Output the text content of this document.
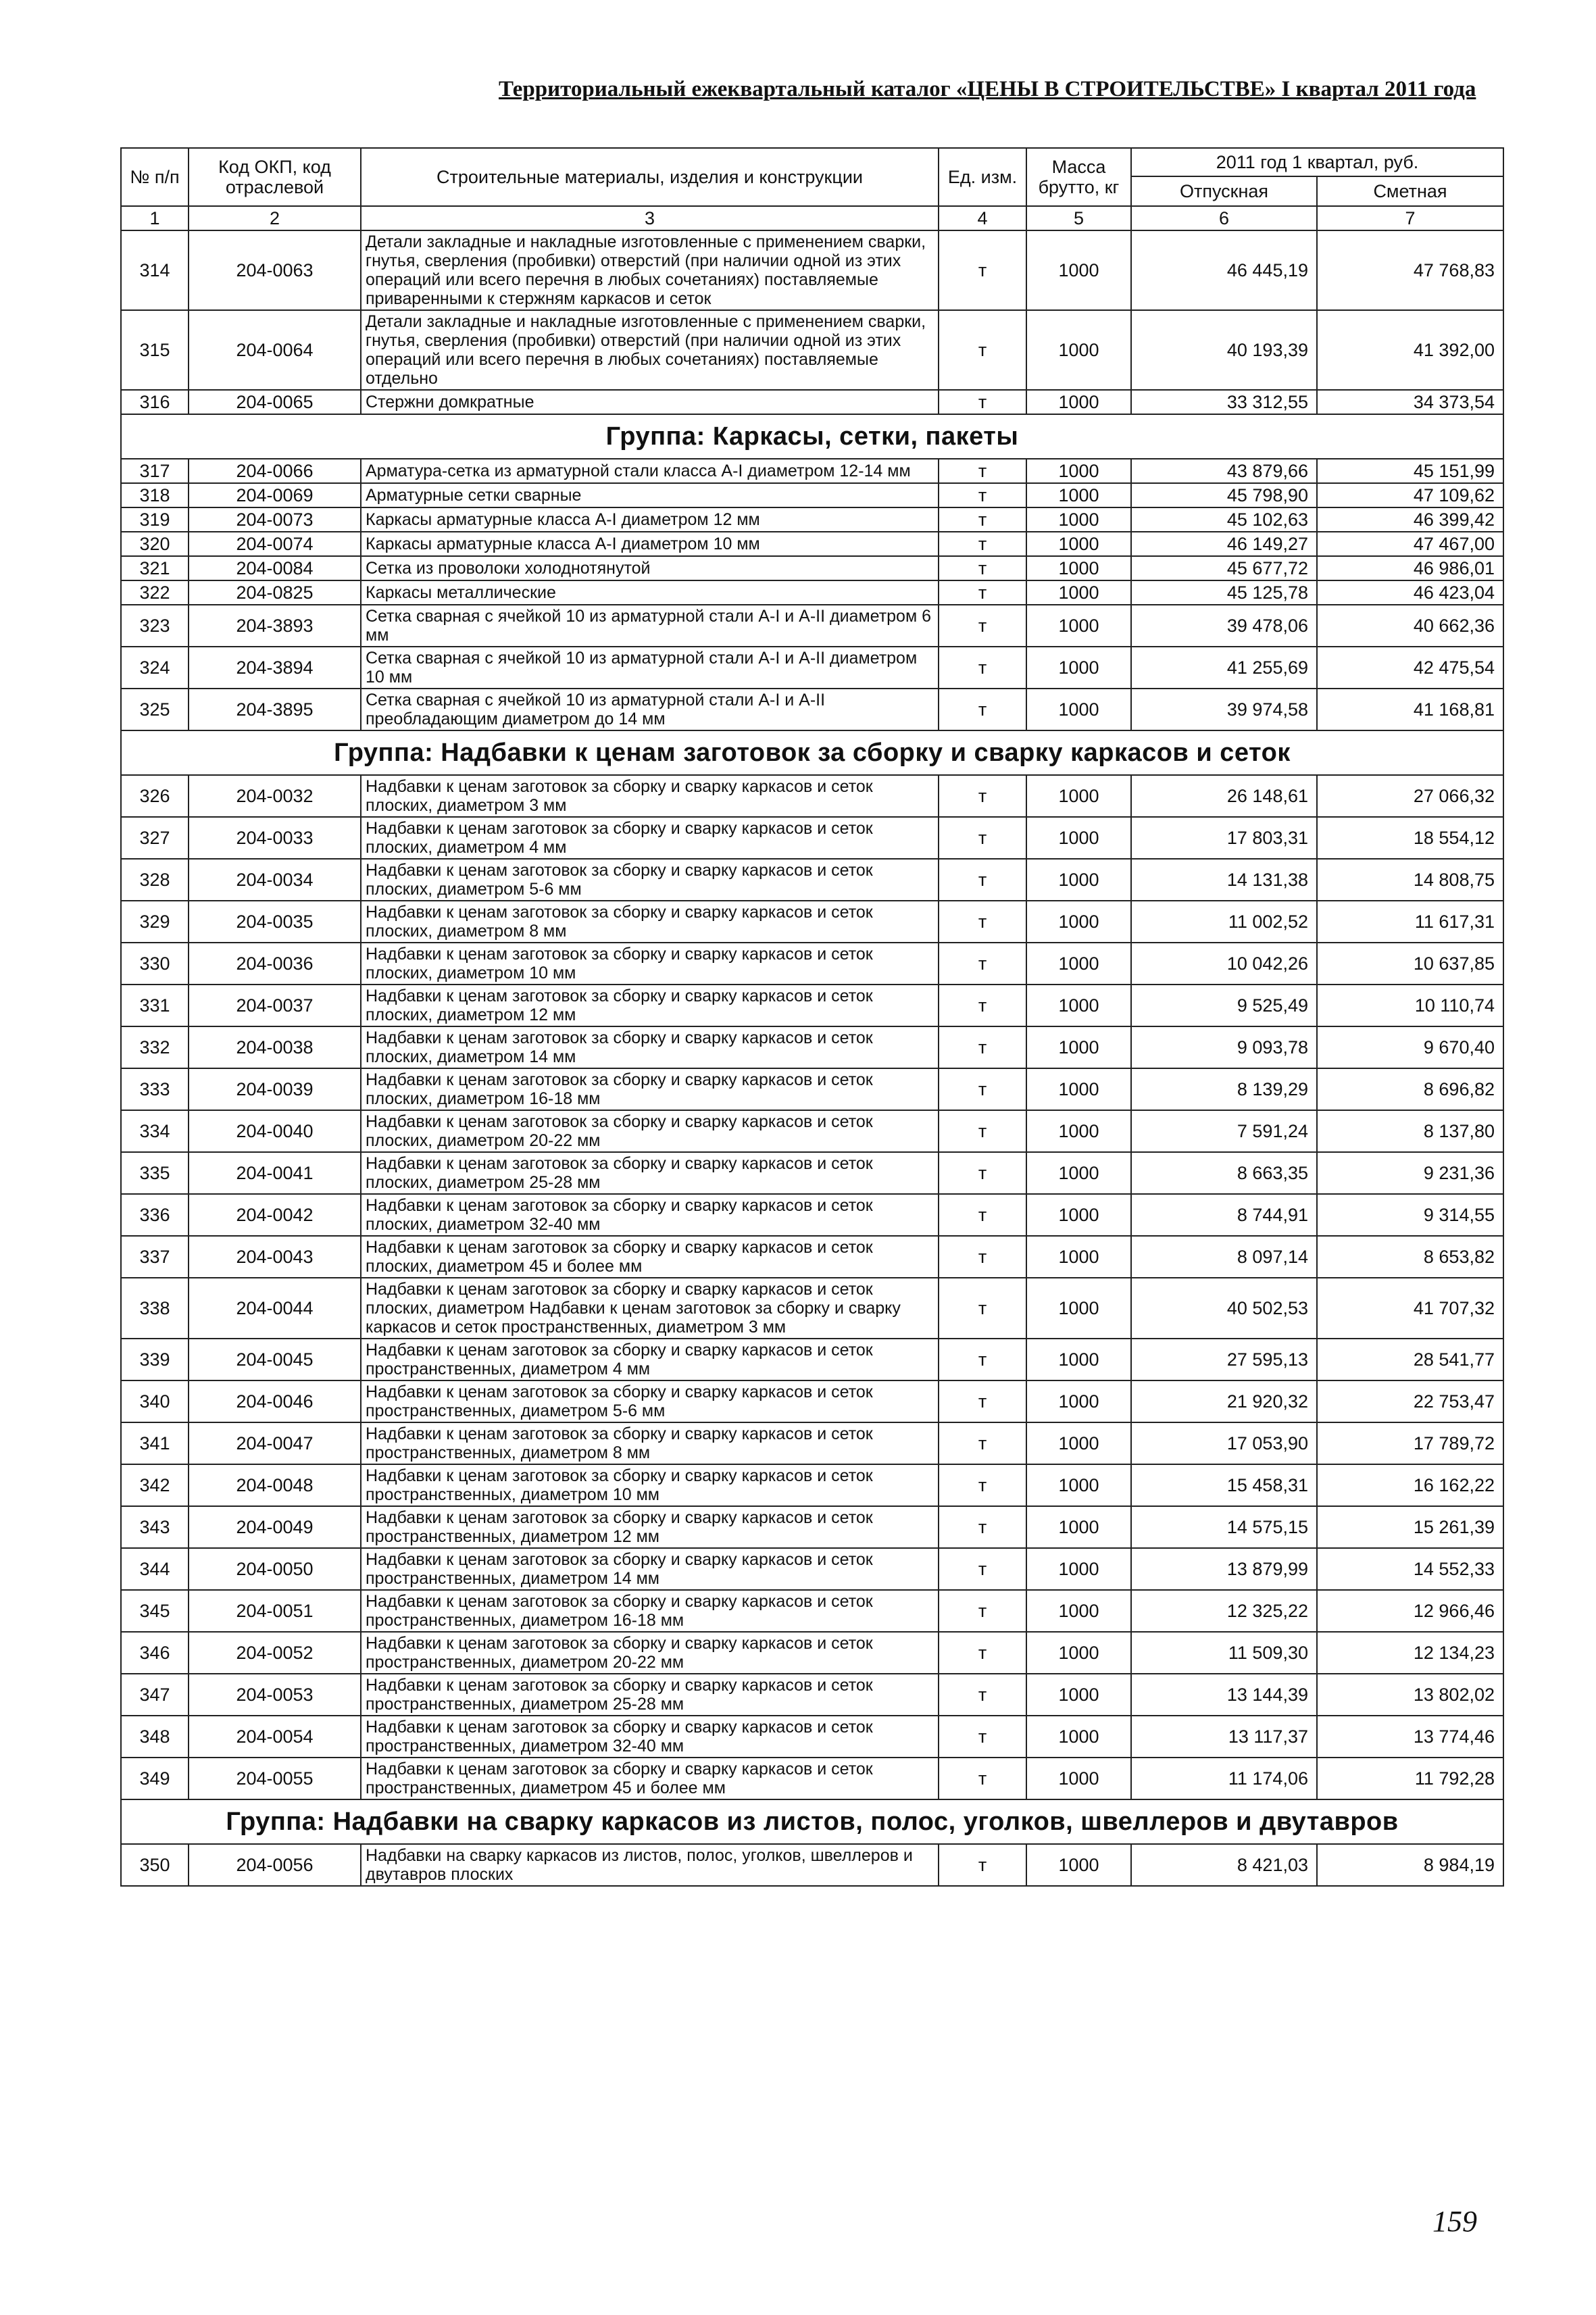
Территориальный ежеквартальный каталог «ЦЕНЫ В СТРОИТЕЛЬСТВЕ» I квартал 2011 года
№ п/п	Код ОКП, код отраслевой	Строительные материалы, изделия и конструкции	Ед. изм.	Масса брутто, кг	2011 год 1 квартал, руб.	
					Отпускная	Сметная
1	2	3	4	5	6	7
314	204-0063	Детали закладные и накладные изготовленные с применением сварки, гнутья, сверления (пробивки) отверстий (при наличии одной из этих операций или всего перечня в любых сочетаниях) поставляемые приваренными к стержням каркасов и сеток	т	1000	46 445,19	47 768,83
315	204-0064	Детали закладные и накладные изготовленные с применением сварки, гнутья, сверления (пробивки) отверстий (при наличии одной из этих операций или всего перечня в любых сочетаниях) поставляемые отдельно	т	1000	40 193,39	41 392,00
316	204-0065	Стержни домкратные	т	1000	33 312,55	34 373,54
Группа: Каркасы, сетки, пакеты						
317	204-0066	Арматура-сетка из арматурной стали класса А-I диаметром 12-14 мм	т	1000	43 879,66	45 151,99
318	204-0069	Арматурные сетки сварные	т	1000	45 798,90	47 109,62
319	204-0073	Каркасы арматурные класса А-I диаметром 12 мм	т	1000	45 102,63	46 399,42
320	204-0074	Каркасы арматурные класса А-I диаметром 10 мм	т	1000	46 149,27	47 467,00
321	204-0084	Сетка из проволоки холоднотянутой	т	1000	45 677,72	46 986,01
322	204-0825	Каркасы металлические	т	1000	45 125,78	46 423,04
323	204-3893	Сетка сварная с ячейкой 10 из арматурной стали А-I и А-II диаметром 6 мм	т	1000	39 478,06	40 662,36
324	204-3894	Сетка сварная с ячейкой 10 из арматурной стали А-I и А-II диаметром 10 мм	т	1000	41 255,69	42 475,54
325	204-3895	Сетка сварная с ячейкой 10 из арматурной стали А-I и А-II преобладающим диаметром до 14 мм	т	1000	39 974,58	41 168,81
Группа: Надбавки к ценам заготовок за сборку и сварку каркасов и сеток						
326	204-0032	Надбавки к ценам заготовок за сборку и сварку каркасов и сеток плоских, диаметром 3 мм	т	1000	26 148,61	27 066,32
327	204-0033	Надбавки к ценам заготовок за сборку и сварку каркасов и сеток плоских, диаметром 4 мм	т	1000	17 803,31	18 554,12
328	204-0034	Надбавки к ценам заготовок за сборку и сварку каркасов и сеток плоских, диаметром 5-6 мм	т	1000	14 131,38	14 808,75
329	204-0035	Надбавки к ценам заготовок за сборку и сварку каркасов и сеток плоских, диаметром 8 мм	т	1000	11 002,52	11 617,31
330	204-0036	Надбавки к ценам заготовок за сборку и сварку каркасов и сеток плоских, диаметром 10 мм	т	1000	10 042,26	10 637,85
331	204-0037	Надбавки к ценам заготовок за сборку и сварку каркасов и сеток плоских, диаметром 12 мм	т	1000	9 525,49	10 110,74
332	204-0038	Надбавки к ценам заготовок за сборку и сварку каркасов и сеток плоских, диаметром 14 мм	т	1000	9 093,78	9 670,40
333	204-0039	Надбавки к ценам заготовок за сборку и сварку каркасов и сеток плоских, диаметром 16-18 мм	т	1000	8 139,29	8 696,82
334	204-0040	Надбавки к ценам заготовок за сборку и сварку каркасов и сеток плоских, диаметром 20-22 мм	т	1000	7 591,24	8 137,80
335	204-0041	Надбавки к ценам заготовок за сборку и сварку каркасов и сеток плоских, диаметром 25-28 мм	т	1000	8 663,35	9 231,36
336	204-0042	Надбавки к ценам заготовок за сборку и сварку каркасов и сеток плоских, диаметром 32-40 мм	т	1000	8 744,91	9 314,55
337	204-0043	Надбавки к ценам заготовок за сборку и сварку каркасов и сеток плоских, диаметром 45 и более мм	т	1000	8 097,14	8 653,82
338	204-0044	Надбавки к ценам заготовок за сборку и сварку каркасов и сеток плоских, диаметром Надбавки к ценам заготовок за сборку и сварку каркасов и сеток пространственных, диаметром 3 мм	т	1000	40 502,53	41 707,32
339	204-0045	Надбавки к ценам заготовок за сборку и сварку каркасов и сеток пространственных, диаметром 4 мм	т	1000	27 595,13	28 541,77
340	204-0046	Надбавки к ценам заготовок за сборку и сварку каркасов и сеток пространственных, диаметром 5-6 мм	т	1000	21 920,32	22 753,47
341	204-0047	Надбавки к ценам заготовок за сборку и сварку каркасов и сеток пространственных, диаметром 8 мм	т	1000	17 053,90	17 789,72
342	204-0048	Надбавки к ценам заготовок за сборку и сварку каркасов и сеток пространственных, диаметром 10 мм	т	1000	15 458,31	16 162,22
343	204-0049	Надбавки к ценам заготовок за сборку и сварку каркасов и сеток пространственных, диаметром 12 мм	т	1000	14 575,15	15 261,39
344	204-0050	Надбавки к ценам заготовок за сборку и сварку каркасов и сеток пространственных, диаметром 14 мм	т	1000	13 879,99	14 552,33
345	204-0051	Надбавки к ценам заготовок за сборку и сварку каркасов и сеток пространственных, диаметром 16-18 мм	т	1000	12 325,22	12 966,46
346	204-0052	Надбавки к ценам заготовок за сборку и сварку каркасов и сеток пространственных, диаметром 20-22 мм	т	1000	11 509,30	12 134,23
347	204-0053	Надбавки к ценам заготовок за сборку и сварку каркасов и сеток пространственных, диаметром 25-28 мм	т	1000	13 144,39	13 802,02
348	204-0054	Надбавки к ценам заготовок за сборку и сварку каркасов и сеток пространственных, диаметром 32-40 мм	т	1000	13 117,37	13 774,46
349	204-0055	Надбавки к ценам заготовок за сборку и сварку каркасов и сеток пространственных, диаметром 45 и более мм	т	1000	11 174,06	11 792,28
Группа: Надбавки на сварку каркасов из листов, полос, уголков, швеллеров и двутавров						
350	204-0056	Надбавки на сварку каркасов из листов, полос, уголков, швеллеров и двутавров плоских	т	1000	8 421,03	8 984,19
159
